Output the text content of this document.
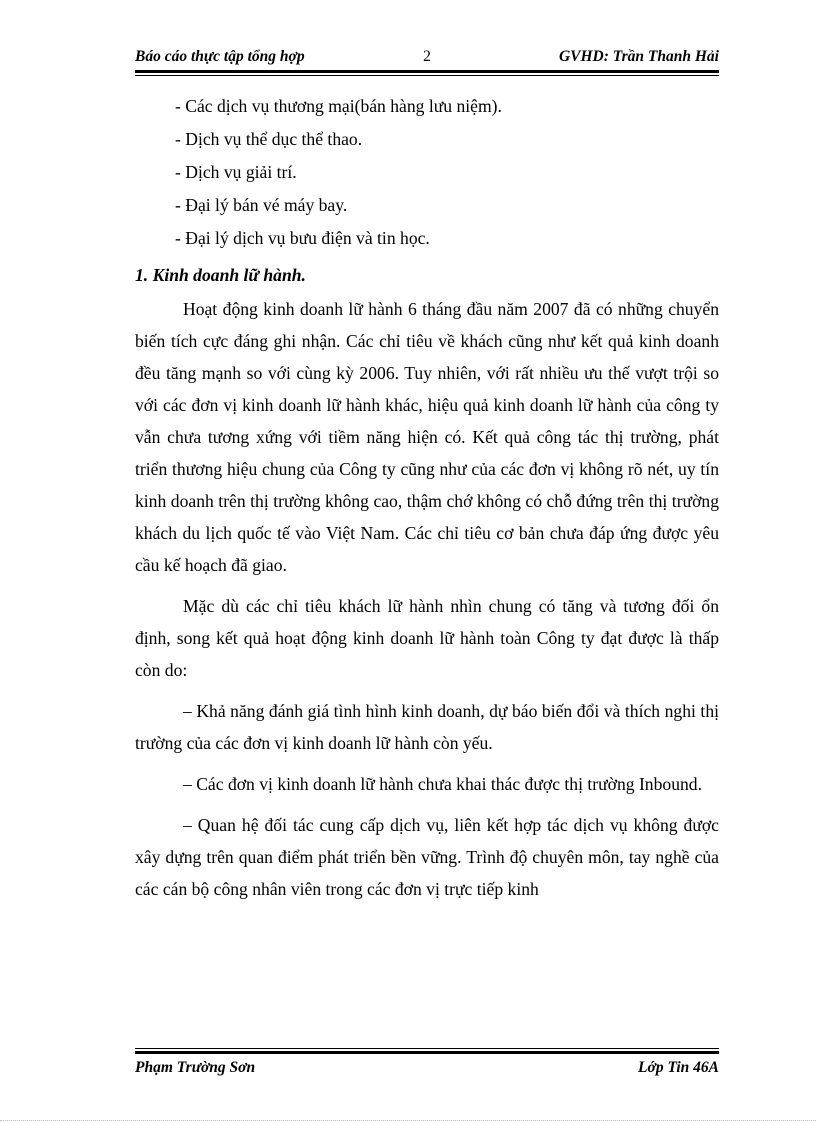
Báo cáo thực tập tổng hợp	2	GVHD: Trần Thanh Hải

- Các dịch vụ thương mại(bán hàng lưu niệm).

- Dịch vụ thể dục thể thao.

- Dịch vụ giải trí.

- Đại lý bán vé máy bay.

- Đại lý dịch vụ bưu điện và tin học.

1. Kinh doanh lữ hành.

Hoạt động kinh doanh lữ hành 6 tháng đầu năm 2007 đã có những chuyển biến tích cực đáng ghi nhận. Các chỉ tiêu về khách cũng như kết quả kinh doanh đều tăng mạnh so với cùng kỳ 2006. Tuy nhiên, với rất nhiều ưu thế vượt trội so với các đơn vị kinh doanh lữ hành khác, hiệu quả kinh doanh lữ hành của công ty vẫn chưa tương xứng với tiềm năng hiện có. Kết quả công tác thị trường, phát triển thương hiệu chung của Công ty cũng như của các đơn vị không rõ nét, uy tín kinh doanh trên thị trường không cao, thậm chớ không có chỗ đứng trên thị trường khách du lịch quốc tế vào Việt Nam. Các chỉ tiêu cơ bản chưa đáp ứng được yêu cầu kế hoạch đã giao.

Mặc dù các chỉ tiêu khách lữ hành nhìn chung có tăng và tương đối ổn định, song kết quả hoạt động kinh doanh lữ hành toàn Công ty đạt được là thấp còn do:

– Khả năng đánh giá tình hình kinh doanh, dự báo biến đổi và thích nghi thị trường của các đơn vị kinh doanh lữ hành còn yếu.

– Các đơn vị kinh doanh lữ hành chưa khai thác được thị trường Inbound.

– Quan hệ đối tác cung cấp dịch vụ, liên kết hợp tác dịch vụ không được xây dựng trên quan điểm phát triển bền vững. Trình độ chuyên môn, tay nghề của các cán bộ công nhân viên trong các đơn vị trực tiếp kinh

Phạm Trường Sơn	Lớp Tin 46A
